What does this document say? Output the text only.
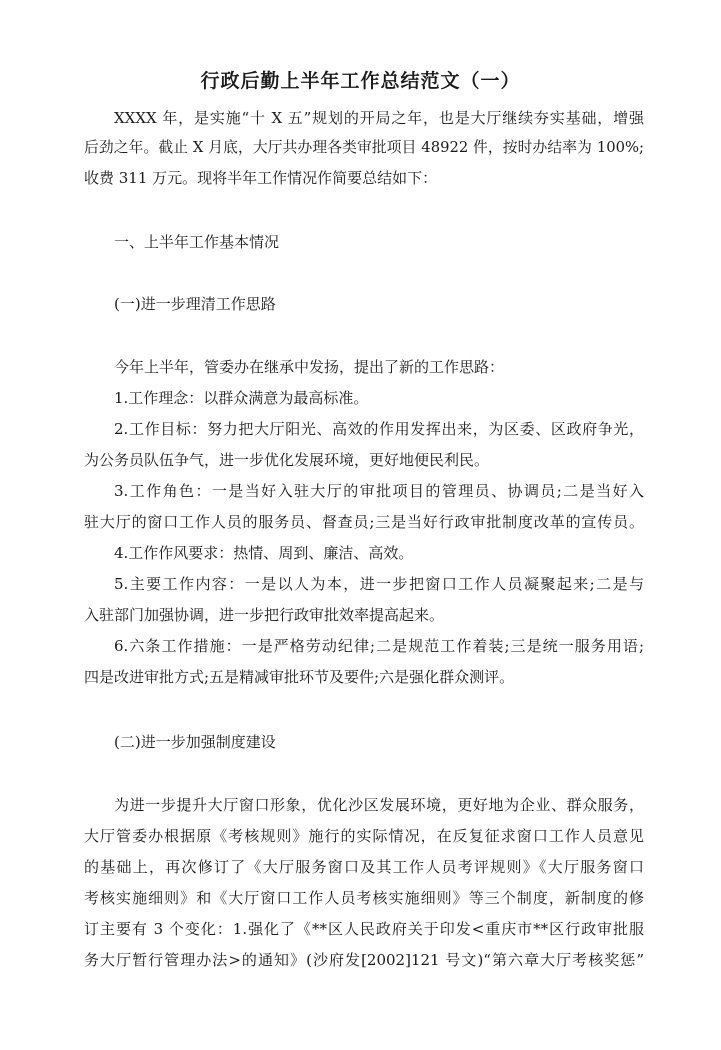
行政后勤上半年工作总结范文（一）
XXXX 年，是实施“十 X 五”规划的开局之年，也是大厅继续夯实基础，增强
后劲之年。截止 X 月底，大厅共办理各类审批项目 48922 件，按时办结率为 100%;
收费 311 万元。现将半年工作情况作简要总结如下：
一、上半年工作基本情况
(一)进一步理清工作思路
今年上半年，管委办在继承中发扬，提出了新的工作思路：
1.工作理念：以群众满意为最高标准。
2.工作目标：努力把大厅阳光、高效的作用发挥出来，为区委、区政府争光，
为公务员队伍争气，进一步优化发展环境，更好地便民利民。
3.工作角色：一是当好入驻大厅的审批项目的管理员、协调员;二是当好入
驻大厅的窗口工作人员的服务员、督查员;三是当好行政审批制度改革的宣传员。
4.工作作风要求：热情、周到、廉洁、高效。
5.主要工作内容：一是以人为本，进一步把窗口工作人员凝聚起来;二是与
入驻部门加强协调，进一步把行政审批效率提高起来。
6.六条工作措施：一是严格劳动纪律;二是规范工作着装;三是统一服务用语;
四是改进审批方式;五是精减审批环节及要件;六是强化群众测评。
(二)进一步加强制度建设
为进一步提升大厅窗口形象，优化沙区发展环境，更好地为企业、群众服务，
大厅管委办根据原《考核规则》施行的实际情况，在反复征求窗口工作人员意见
的基础上，再次修订了《大厅服务窗口及其工作人员考评规则》《大厅服务窗口
考核实施细则》和《大厅窗口工作人员考核实施细则》等三个制度，新制度的修
订主要有 3 个变化：1.强化了《**区人民政府关于印发<重庆市**区行政审批服
务大厅暂行管理办法>的通知》(沙府发[2002]121 号文)“第六章大厅考核奖惩”
